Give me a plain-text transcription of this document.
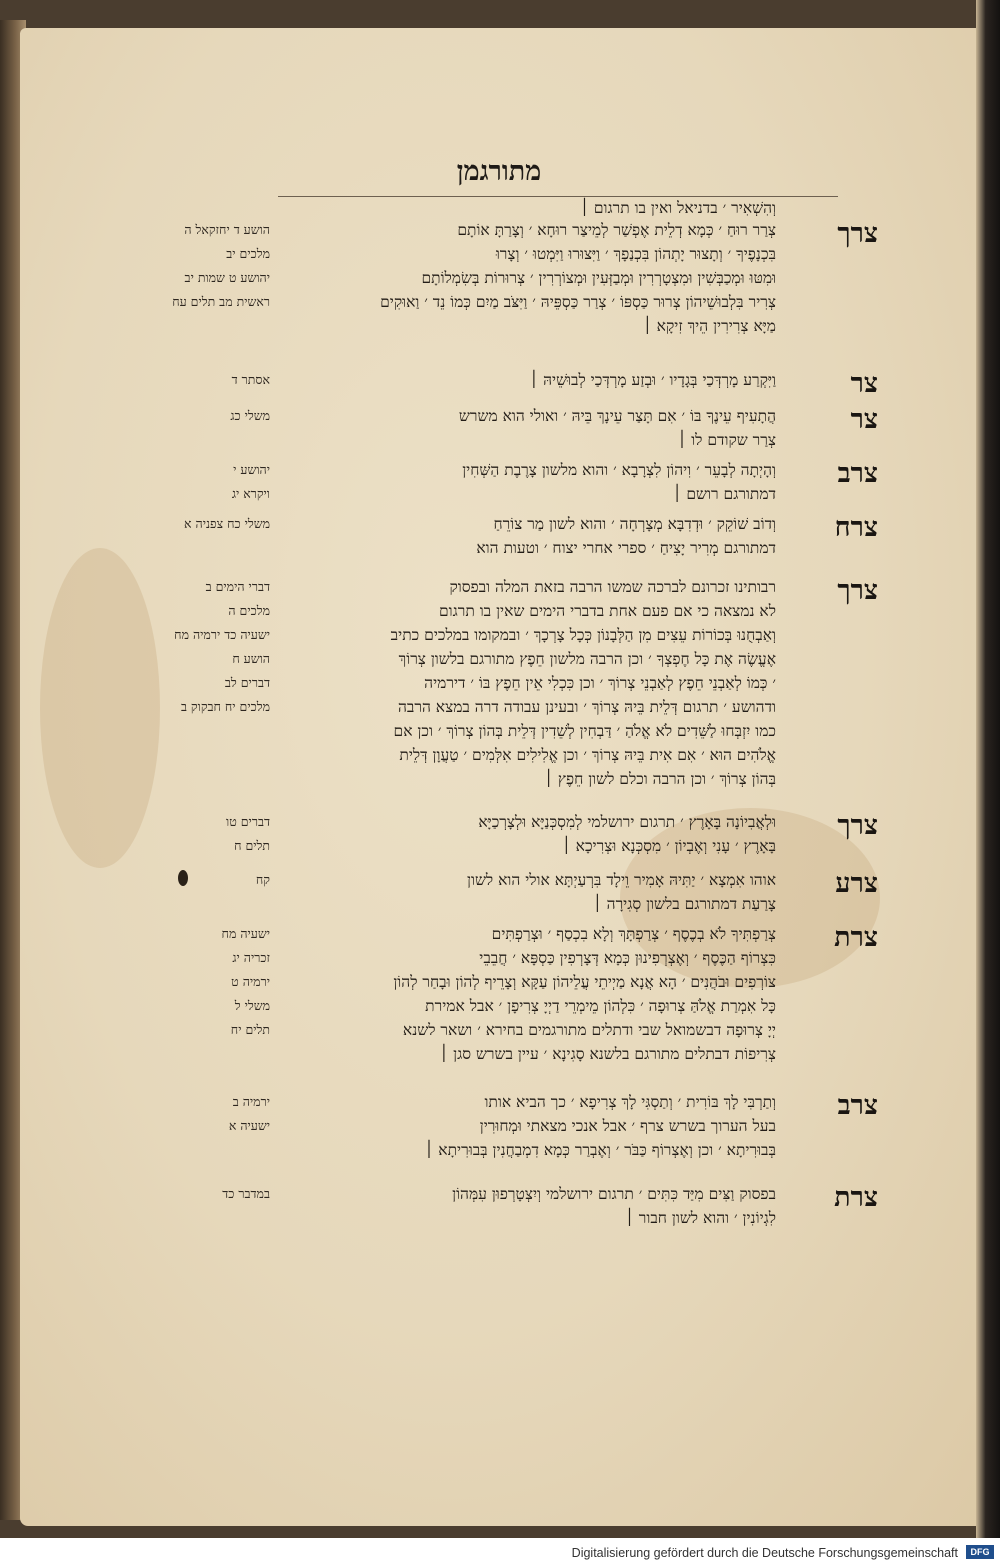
מתורגמן
וְהִשְׁאִיר ׳ בדניאל ואין בו תרגום ׀
צרך
צְרַר רוּחַ ׳ כְּמָא דְלֵית אֶפְשַׁר לְמֵיצַר רוּחָא ׳ וְצָרַתָּ אוֹתָם
בִּכְנָפֶיךָ ׳ וְתָצוּר יָתְהוֹן בִּכְנַפָךְ ׳ וַיִּצוּרוּ וַיִּמְטוּ ׳ וְצָרוּ
וּמִטּוּ וּמְכַבְּשִׁין וּמִצְטָרְרִין וּמְבַזְּעִין וּמְצוֹרְרִין ׳ צְרוּרוֹת בְּשִׂמְלוֹתָם
צְרִיר בִּלְבוּשֵׁיהוֹן צְרוּר כַּסְפּוֹ ׳ צְרַר כַּסְפֵּיהּ ׳ וַיִּצֹּב מַיִם כְּמוֹ נֵד ׳ וַאוּקִים
מַיָּא צְרִירִין הֵיךְ זִיקָא ׀
הושע ד יחזקאל ה
מלכים יב
יהושע ט שמות יב
ראשית מב תלים עח
צר
וַיִּקְרַע מָרְדְּכַי בְּגָדָיו ׳ וּבְזַע מָרְדְּכַי לְבוּשֵׁיהּ ׀
אסתר ד
צר
הֲתָעִיף עֵינֶךָ בּוֹ ׳ אִם תָּצַר עֵינָךְ בֵּיהּ ׳ ואולי הוא משרש
צְרַר שקודם לו ׀
משלי כג
צרב
וְהָיְתָה לְבָעֵר ׳ וִיהוֹן לִצְרָבָא ׳ והוא מלשון צָרֶבֶת הַשְּׁחִין
דמתורגם רושם ׀
יהושע י
ויקרא יג
צרח
וְדוֹב שׁוֹקֵק ׳ וּדְדִבָּא מְצָרְחָה ׳ והוא לשון מַר צוֹרֵחַ
דמתורגם מְרִיר יָצִיחַ ׳ ספרי אחרי יצוח ׳ וטעות הוא
משלי כח צפניה א
צרך
רבותינו זכרונם לברכה שמשו הרבה בזאת המלה ובפסוק
לא נמצאה כי אם פעם אחת בדברי הימים שאין בו תרגום
וְאַבְחֻנוּ בְּכוֹרוֹת עֵצִים מִן הַלְּבָנוֹן כְּכָל צָרְכָךְ ׳ ובמקומו במלכים כתיב
אֶעֱשֶׂה אֶת כָּל חֶפְצְךָ ׳ וכן הרבה מלשון חֵפֶץ מתורגם בלשון צְרוֹךְ
׳ כְּמוֹ לְאַבְנֵי חֵפֶץ לְאַבְנֵי צְרוֹךְ ׳ וכן כִּכְלִי אֵין חֵפֶץ בּוֹ ׳ דירמיה
ודהושע ׳ תרגום דְּלֵית בֵּיהּ צְרוֹךְ ׳ ובעינן עבודה דרה במצא הרבה
כמו יִזְבְּחוּ לַשֵּׁדִים לֹא אֱלֹהַ ׳ דַּבְחִין לְשֵׁדִין דְּלֵית בְּהוֹן צְרוֹךְ ׳ וכן אם
אֱלֹהִים הוּא ׳ אִם אִית בֵּיהּ צְרוֹךְ ׳ וכן אֱלִילִים אִלְּמִים ׳ טַעֲוָן דְּלֵית
בְּהוֹן צְרוֹךְ ׳ וכן הרבה וכלם לשון חֵפֶץ ׀
דברי הימים ב
מלכים ה
ישעיה כד ירמיה מח
הושע ח
דברים לב
מלכים יח חבקוק ב
צרך
וּלְאֲבִיוֹנָה בָּאָרֶץ ׳ תרגום ירושלמי לְמִסְכְּנַיָּא וּלְצָרְכַיָּא
בָּאָרֶץ ׳ עָנִי וְאֶבְיוֹן ׳ מִסְכְּנָא וּצְרִיכָא ׀
דברים טו
תלים ח
צרע
אוהו אִמְצָא ׳ יַתִּיהּ אָמִיר וֵילָד בִּרְעַיְתָּא אולי הוא לשון
צָרַעַת דמתורגם בלשון סְגִירָה ׀
קח
צרת
צְרַפְתִּיךָ לֹא בְכֶסֶף ׳ צְרַפְתָּךְ וְלָא בִכְסַף ׳ וּצְרַפְתִּים
כִּצְרוֹף הַכֶּסֶף ׳ וְאֶצְרְפִינוּן כְּמָא דְּצָרְפִין כַּסְפָּא ׳ חֲבֵבֵי
צוֹרְפִים וּבֹהֲנִים ׳ הָא אֲנָא מַיְיתֵי עֲלֵיהוֹן עַקָּא וְצָרֵיף לְהוֹן וּבָחַר לְהוֹן
כָּל אִמְרַת אֱלֹהַּ צְרוּפָה ׳ כִּלְהוֹן מֵימְרֵי דַיְיָ צְרִיפָן ׳ אבל אמירת
יְיָ צְרוּפָה דבשמואל שבי ודתלים מתורגמים בחירא ׳ ושאר לשנא
צְרִיפוֹת דבתלים מתורגם בלשנא סָגִינָא ׳ עיין בשרש סגן ׀
ישעיה מח
זכריה יג
ירמיה ט
משלי ל
תלים יח
צרב
וְתַרְבִּי לָךְ בּוֹרִית ׳ וְתַסְגִּי לָךְ צְרִיפָא ׳ כך הביא אותו
בעל הערוך בשרש צרף ׳ אבל אנכי מצאתי וּמְחוּרִין
בְּבוּרִיתָא ׳ וכן וְאֶצְרוֹף כַּבֹּר ׳ וְאֶבְרַר כְּמָא דִמְבַחֲנִין בְּבוּרִיתָא ׀
ירמיה ב
ישעיה א
צרת
בפסוק וַצִּים מִיַּד כִּתִּים ׳ תרגום ירושלמי וְיִצְטָרְפוּן עִמְּהוֹן
לִגְיוֹנִין ׳ והוא לשון חבור ׀
במדבר כד
Digitalisierung gefördert durch die Deutsche Forschungsgemeinschaft	DFG
